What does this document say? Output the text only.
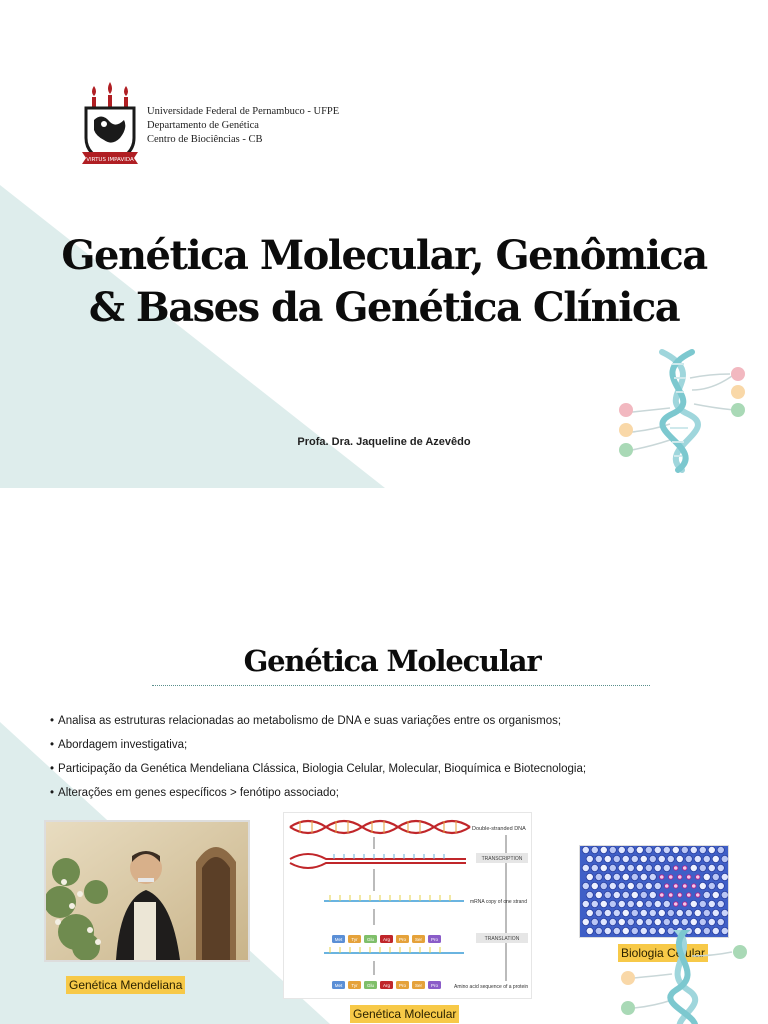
VIRTUS IMPAVIDA
Universidade Federal de Pernambuco - UFPE
Departamento de Genética
Centro de Biociências - CB
Genética Molecular, Genômica
& Bases da Genética Clínica
Profa. Dra. Jaqueline de Azevêdo
Genética Molecular
• Analisa as estruturas relacionadas ao metabolismo de DNA e suas variações entre os organismos;
• Abordagem investigativa;
• Participação da Genética Mendeliana Clássica, Biologia Celular, Molecular, Bioquímica e Biotecnologia;
• Alterações em genes específicos > fenótipo associado;
Genética Mendeliana
Double-stranded DNA
TRANSCRIPTION
mRNA copy of one strand
Met Tyr Glu Arg Pro Ser Pro	TRANSLATION
Met Tyr Glu Arg Pro Ser Pro	Amino acid sequence of a protein
Genética Molecular
Biologia Celular
